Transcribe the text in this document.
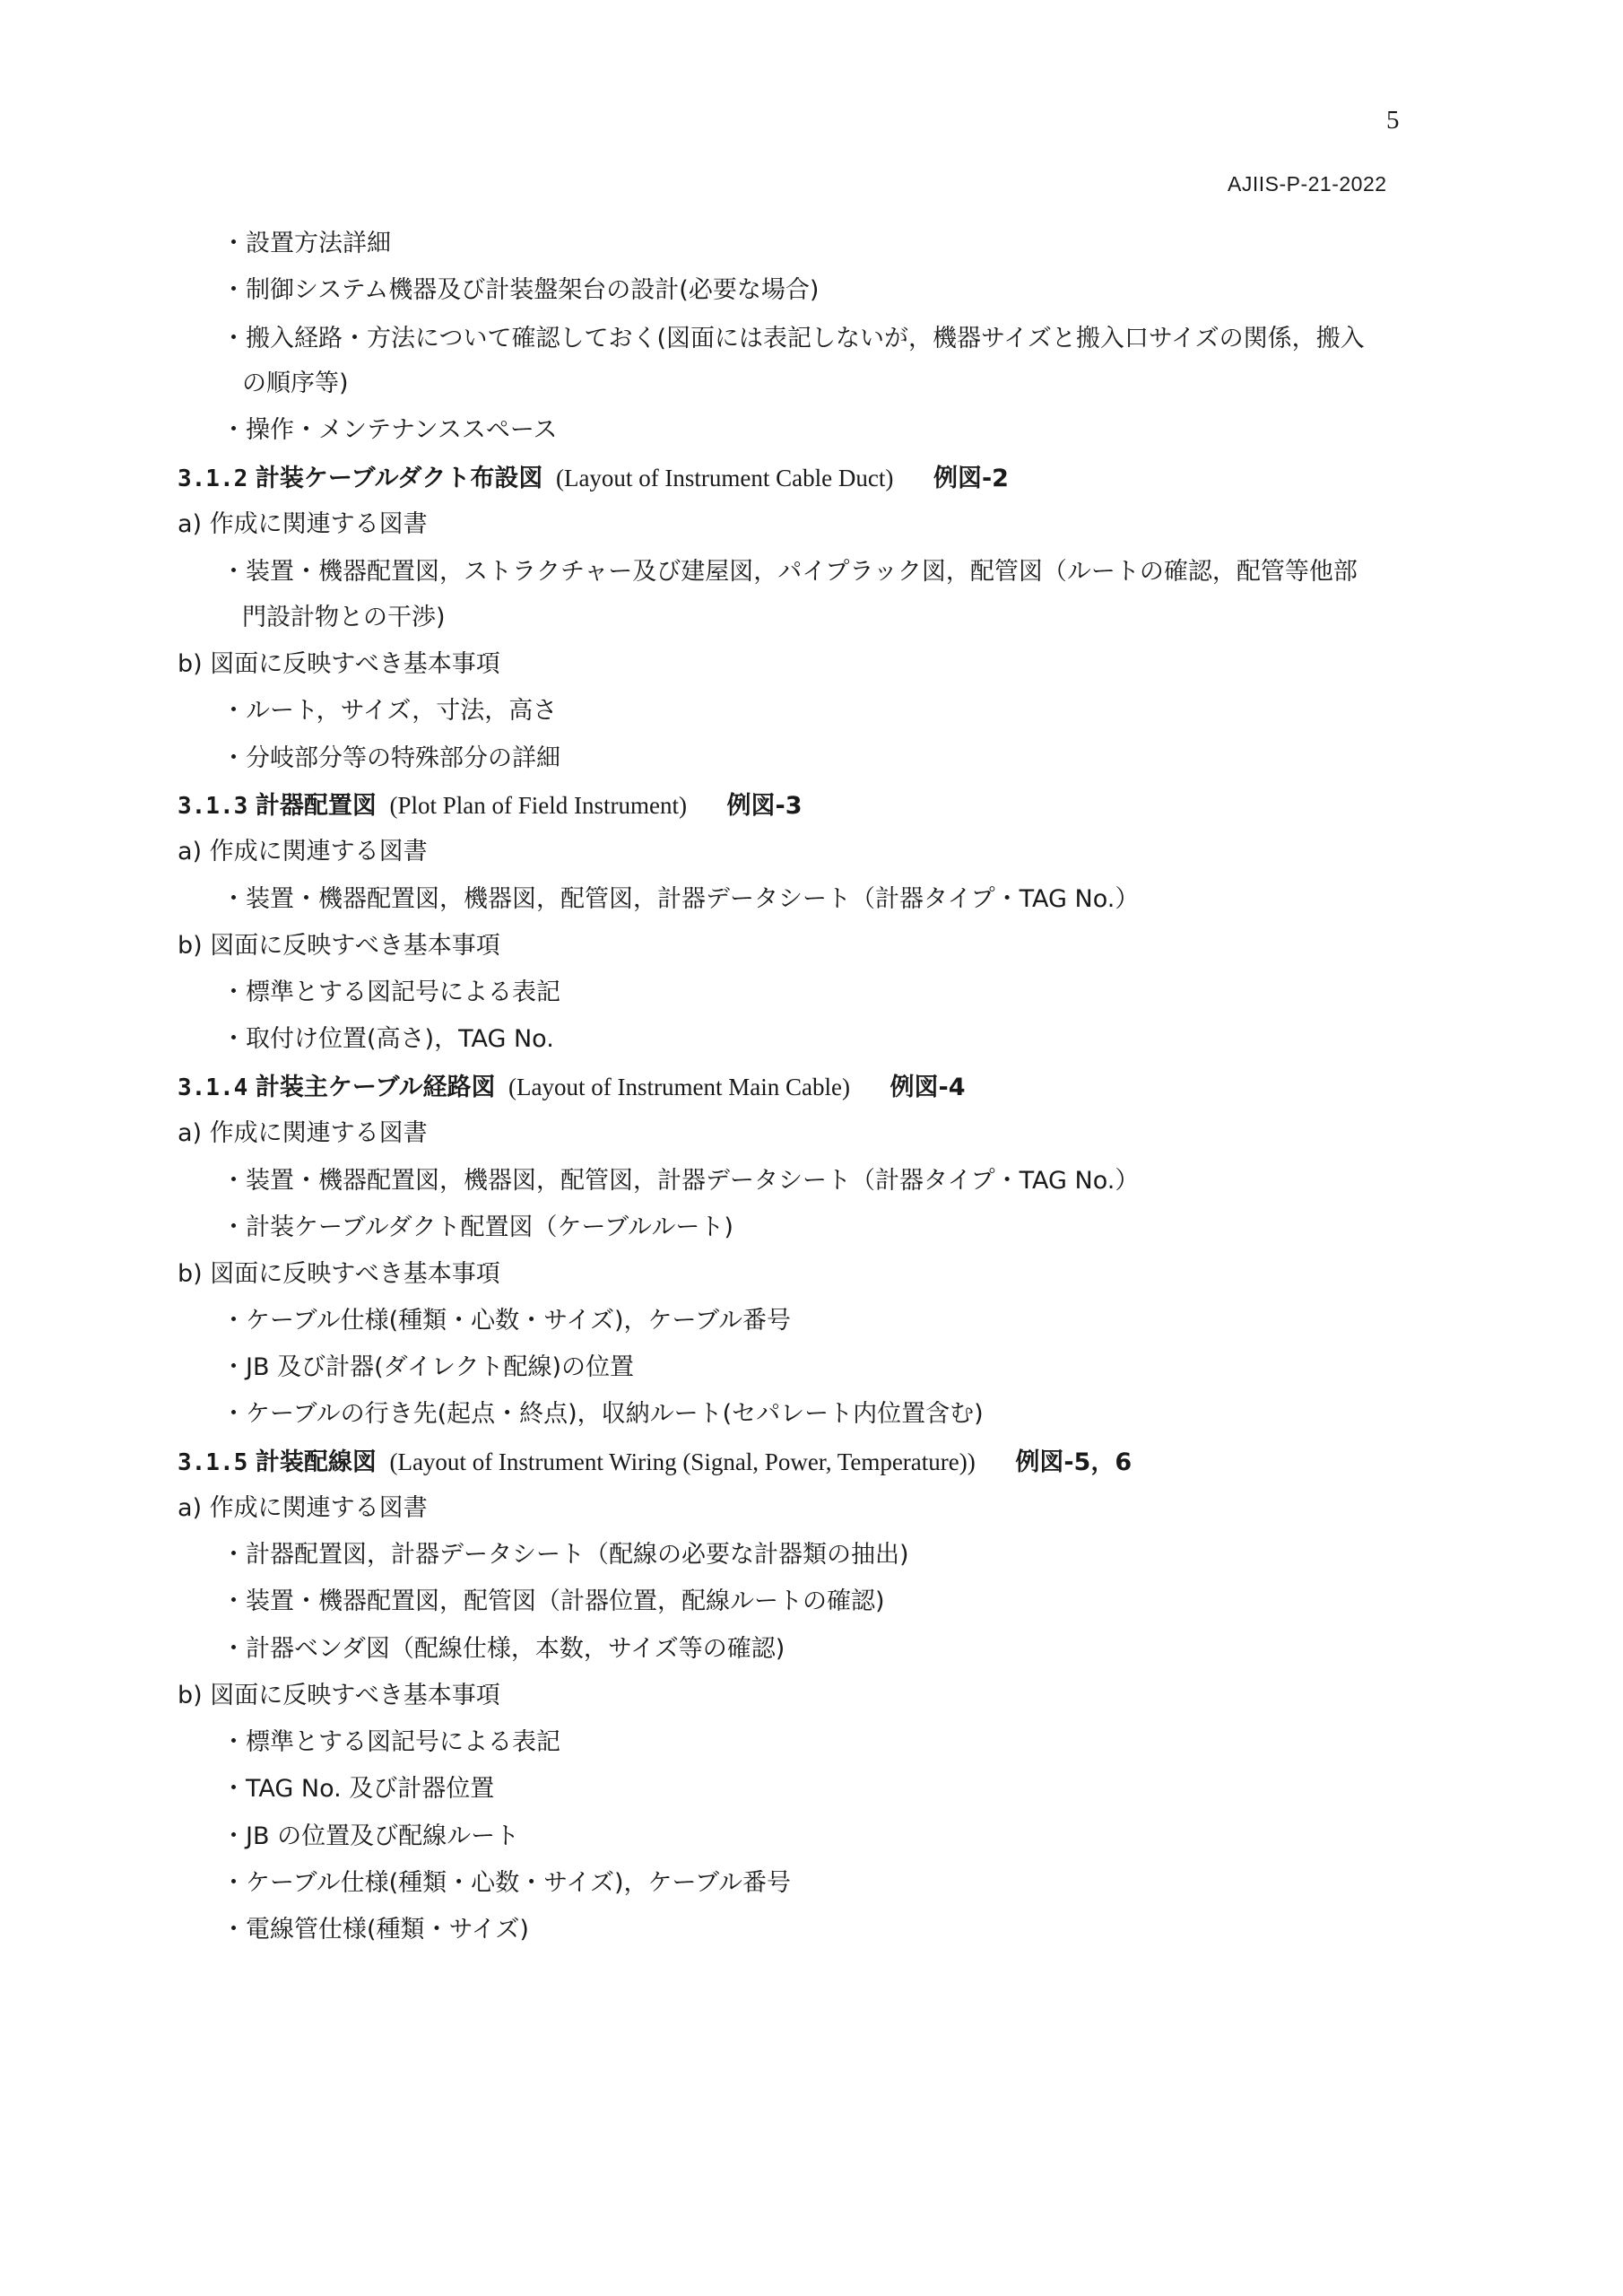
5
AJIIS-P-21-2022
・設置方法詳細
・制御システム機器及び計装盤架台の設計(必要な場合)
・搬入経路・方法について確認しておく(図面には表記しないが，機器サイズと搬入口サイズの関係，搬入
の順序等)
・操作・メンテナンススペース
3.1.2 計装ケーブルダクト布設図 (Layout of Instrument Cable Duct) 例図-2
a) 作成に関連する図書
・装置・機器配置図，ストラクチャー及び建屋図，パイプラック図，配管図（ルートの確認，配管等他部
門設計物との干渉)
b) 図面に反映すべき基本事項
・ルート，サイズ，寸法，高さ
・分岐部分等の特殊部分の詳細
3.1.3 計器配置図 (Plot Plan of Field Instrument) 例図-3
a) 作成に関連する図書
・装置・機器配置図，機器図，配管図，計器データシート（計器タイプ・TAG No.）
b) 図面に反映すべき基本事項
・標準とする図記号による表記
・取付け位置(高さ)，TAG No.
3.1.4 計装主ケーブル経路図 (Layout of Instrument Main Cable) 例図-4
a) 作成に関連する図書
・装置・機器配置図，機器図，配管図，計器データシート（計器タイプ・TAG No.）
・計装ケーブルダクト配置図（ケーブルルート)
b) 図面に反映すべき基本事項
・ケーブル仕様(種類・心数・サイズ)，ケーブル番号
・JB 及び計器(ダイレクト配線)の位置
・ケーブルの行き先(起点・終点)，収納ルート(セパレート内位置含む)
3.1.5 計装配線図 (Layout of Instrument Wiring (Signal, Power, Temperature)) 例図-5，6
a) 作成に関連する図書
・計器配置図，計器データシート（配線の必要な計器類の抽出)
・装置・機器配置図，配管図（計器位置，配線ルートの確認)
・計器ベンダ図（配線仕様，本数，サイズ等の確認)
b) 図面に反映すべき基本事項
・標準とする図記号による表記
・TAG No. 及び計器位置
・JB の位置及び配線ルート
・ケーブル仕様(種類・心数・サイズ)，ケーブル番号
・電線管仕様(種類・サイズ)
